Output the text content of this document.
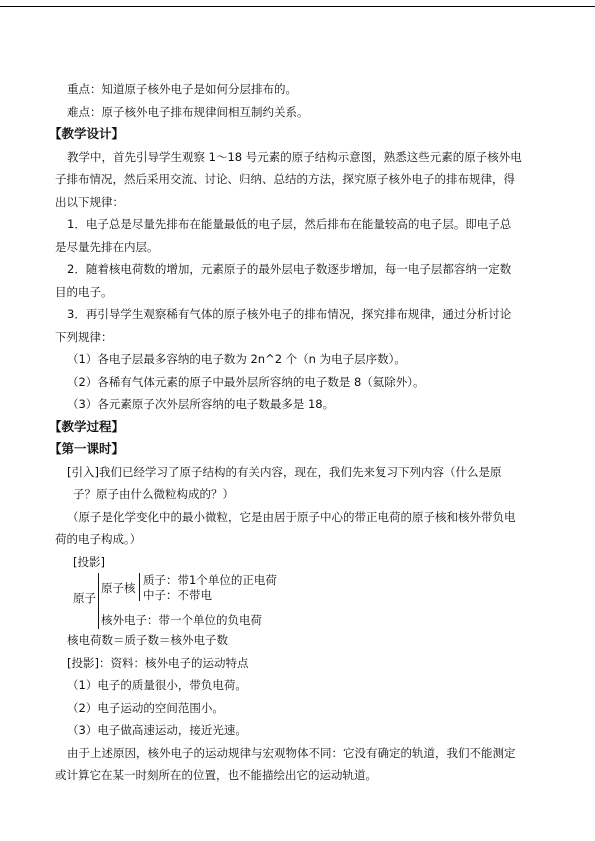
重点：知道原子核外电子是如何分层排布的。
难点：原子核外电子排布规律间相互制约关系。
【教学设计】
教学中，首先引导学生观察 1～18 号元素的原子结构示意图，熟悉这些元素的原子核外电
子排布情况，然后采用交流、讨论、归纳、总结的方法，探究原子核外电子的排布规律，得
出以下规律：
1．电子总是尽量先排布在能量最低的电子层，然后排布在能量较高的电子层。即电子总
是尽量先排在内层。
2．随着核电荷数的增加，元素原子的最外层电子数逐步增加，每一电子层都容纳一定数
目的电子。
3．再引导学生观察稀有气体的原子核外电子的排布情况，探究排布规律，通过分析讨论
下列规律：
（1）各电子层最多容纳的电子数为 2n^2 个（n 为电子层序数）。
（2）各稀有气体元素的原子中最外层所容纳的电子数是 8（氦除外）。
（3）各元素原子次外层所容纳的电子数最多是 18。
【教学过程】
【第一课时】
[引入]我们已经学习了原子结构的有关内容，现在，我们先来复习下列内容（什么是原
子？原子由什么微粒构成的？）
（原子是化学变化中的最小微粒，它是由居于原子中心的带正电荷的原子核和核外带负电
荷的电子构成。）
[投影]
原子
原子核
质子：带1个单位的正电荷
中子：不带电
核外电子：带一个单位的负电荷
核电荷数＝质子数＝核外电子数
[投影]：资料：核外电子的运动特点
（1）电子的质量很小，带负电荷。
（2）电子运动的空间范围小。
（3）电子做高速运动，接近光速。
由于上述原因，核外电子的运动规律与宏观物体不同：它没有确定的轨道，我们不能测定
或计算它在某一时刻所在的位置，也不能描绘出它的运动轨道。
